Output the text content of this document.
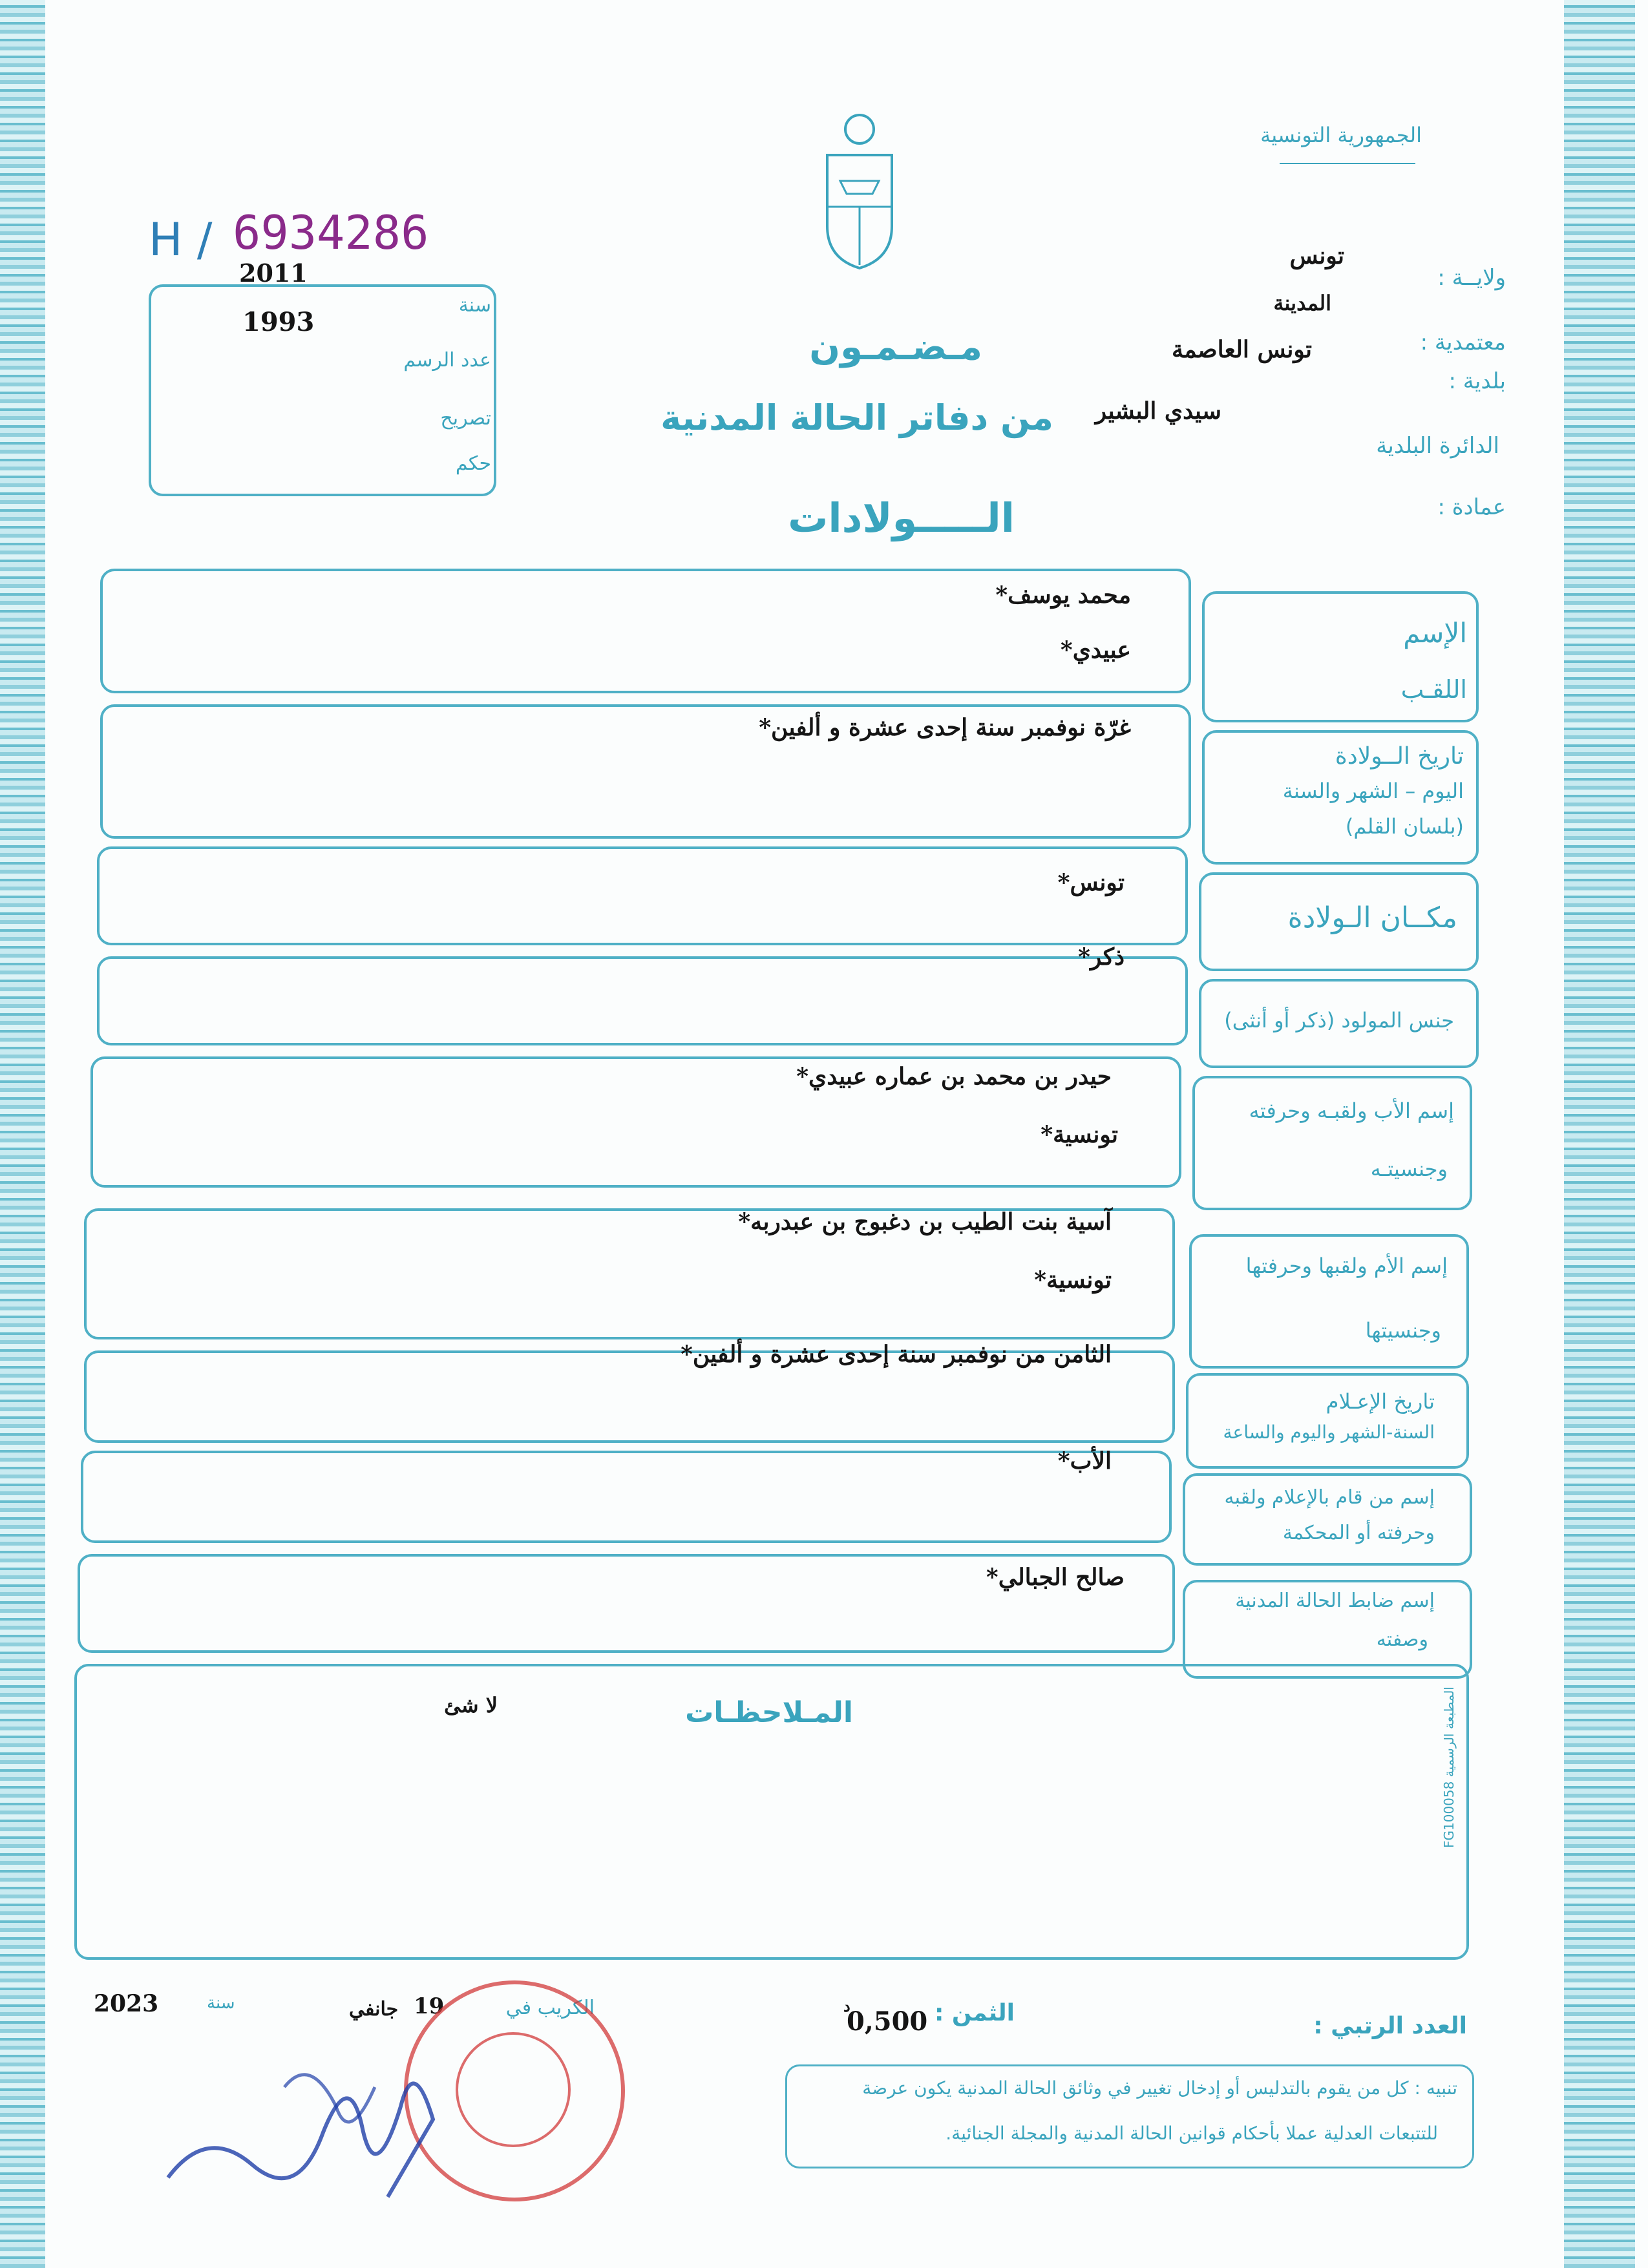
الجمهورية التونسية
H / 6934286
2011
1993
سنة
عدد الرسم
تصريح
حكم
ولايــة :
تونس
معتمدية :
المدينة
بلدية :
تونس العاصمة
الدائرة البلدية
سيدي البشير
عمادة :
مـضـمـون
من دفاتر الحالة المدنية
الـــــولادات
الإسم
اللقـب
محمد يوسف*
عبيدي*
تاريخ الــولادة
اليوم – الشهر والسنة
(بلسان القلم)
غرّة نوفمبر سنة إحدى عشرة و ألفين*
مكــان الـولادة
تونس*
جنس المولود (ذكر أو أنثى)
ذكر*
إسم الأب ولقبـه وحرفته
وجنسيتـه
حيدر بن محمد بن عماره عبيدي*
تونسية*
إسم الأم ولقبها وحرفتها
وجنسيتها
آسية بنت الطيب بن دغبوج بن عبدربه*
تونسية*
تاريخ الإعـلام
السنة-الشهر واليوم والساعة
الثامن من نوفمبر سنة إحدى عشرة و ألفين*
إسم من قام بالإعلام ولقبه
وحرفته أو المحكمة
الأب*
إسم ضابط الحالة المدنية
وصفته
صالح الجبالي*
المـلاحظـات
لا شئ
المطبعة الرسمية FG100058
العدد الرتبي :
الثمن :
0,500
د
الكريب في
19
جانفي
سنة
2023
تنبيه : كل من يقوم بالتدليس أو إدخال تغيير في وثائق الحالة المدنية يكون عرضة
للتتبعات العدلية عملا بأحكام قوانين الحالة المدنية والمجلة الجنائية.
